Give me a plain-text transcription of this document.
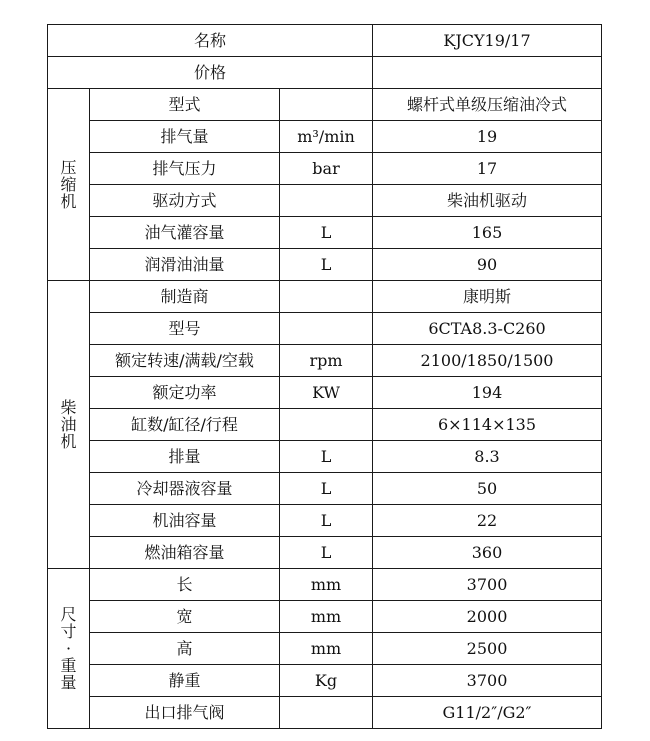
名称			KJCY19/17
价格			

压
缩
机	型式		螺杆式单级压缩油冷式
	排气量	m³/min	19
	排气压力	bar	17
	驱动方式		柴油机驱动
	油气灌容量	L	165
	润滑油油量	L	90

柴
油
机	制造商		康明斯
	型号		6CTA8.3-C260
	额定转速/满载/空载	rpm	2100/1850/1500
	额定功率	KW	194
	缸数/缸径/行程		6×114×135
	排量	L	8.3
	冷却器液容量	L	50
	机油容量	L	22
	燃油箱容量	L	360

尺
寸
·
重
量	长	mm	3700
	宽	mm	2000
	高	mm	2500
	静重	Kg	3700
	出口排气阀		G11/2″/G2″
